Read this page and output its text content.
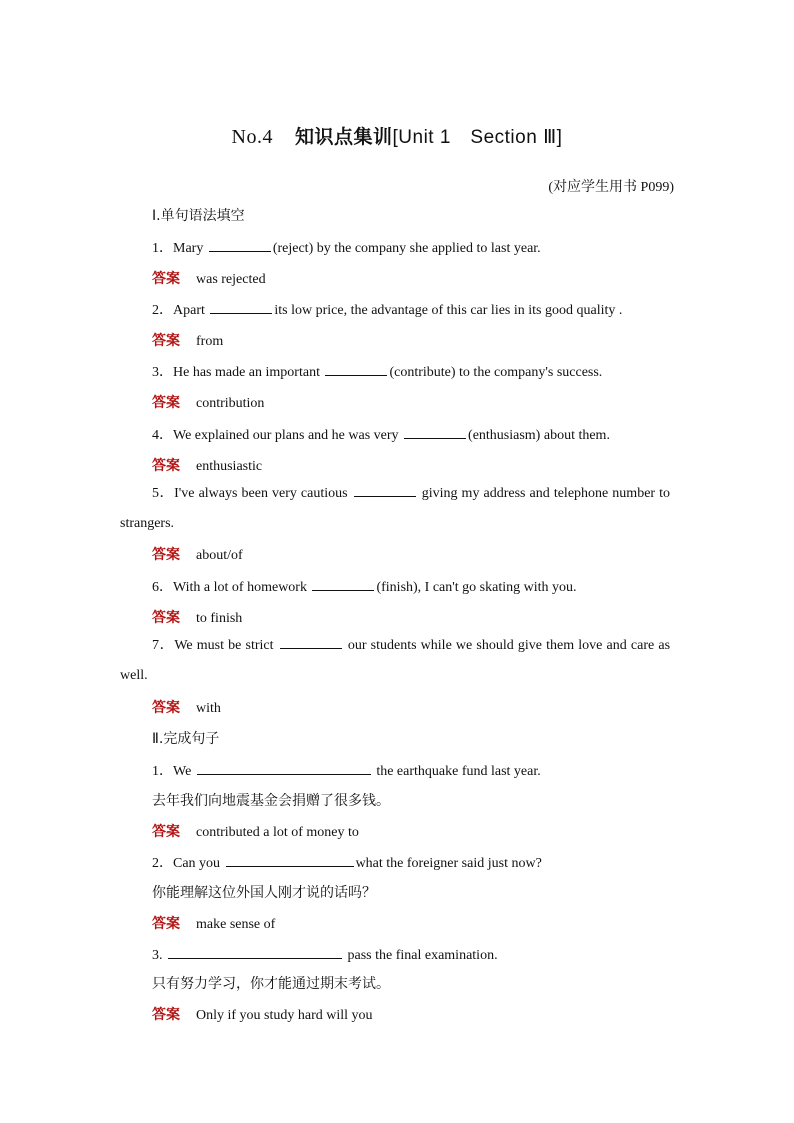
No.4 知识点集训[Unit 1　Section Ⅲ]
(对应学生用书 P099)
Ⅰ.单句语法填空
1．Mary	(reject) by the company she applied to last year.
答案 was rejected
2．Apart	its low price, the advantage of this car lies in its good quality .
答案 from
3．He has made an important	(contribute) to the company's success.
答案 contribution
4．We explained our plans and he was very	(enthusiasm) about them.
答案 enthusiastic
5．I've always been very cautious	giving my address and telephone number to strangers.
答案 about/of
6．With a lot of homework	(finish), I can't go skating with you.
答案 to finish
7．We must be strict	our students while we should give them love and care as well.
答案 with
Ⅱ.完成句子
1．We	the earthquake fund last year.
去年我们向地震基金会捐赠了很多钱。
答案 contributed a lot of money to
2．Can you	what the foreigner said just now?
你能理解这位外国人刚才说的话吗？
答案 make sense of
3.	pass the final examination.
只有努力学习，你才能通过期末考试。
答案 Only if you study hard will you
